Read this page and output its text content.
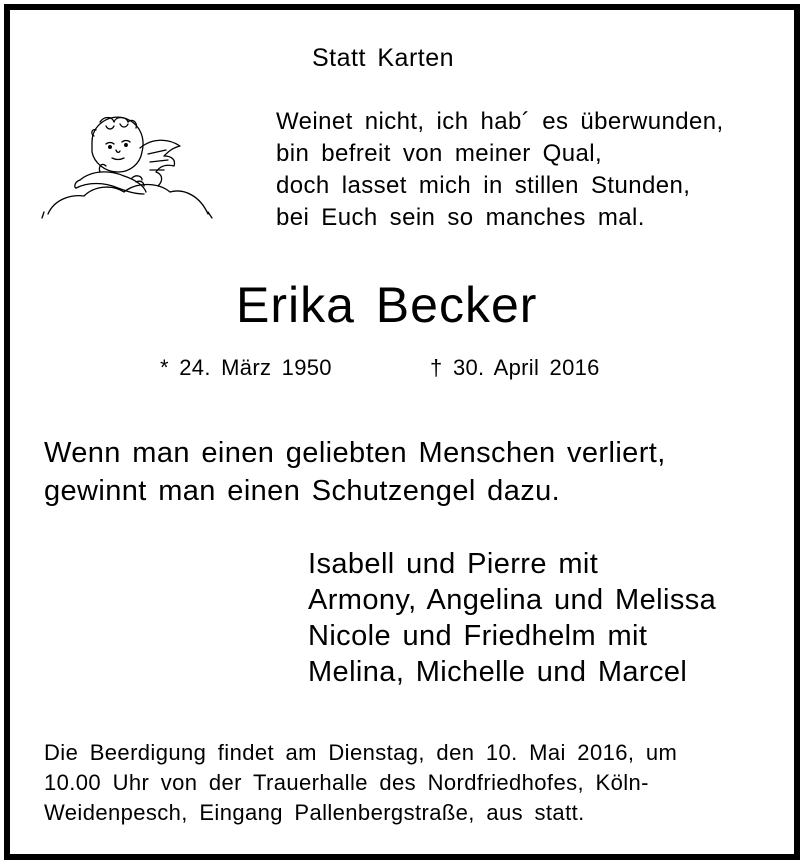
Statt Karten
Weinet nicht, ich hab´ es überwunden,
bin befreit von meiner Qual,
doch lasset mich in stillen Stunden,
bei Euch sein so manches mal.
Erika Becker
* 24. März 1950	† 30. April 2016
Wenn man einen geliebten Menschen verliert,
gewinnt man einen Schutzengel dazu.
Isabell und Pierre mit
Armony, Angelina und Melissa
Nicole und Friedhelm mit
Melina, Michelle und Marcel
Die Beerdigung findet am Dienstag, den 10. Mai 2016, um
10.00 Uhr von der Trauerhalle des Nordfriedhofes, Köln-
Weidenpesch, Eingang Pallenbergstraße, aus statt.
